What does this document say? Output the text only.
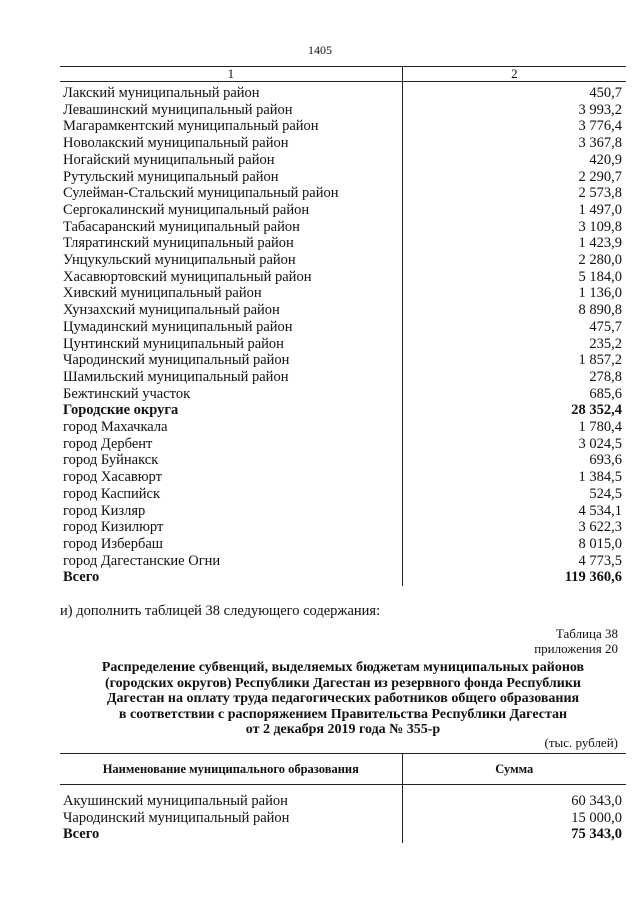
1405
1	2
Лакский муниципальный район	450,7
Левашинский муниципальный район	3 993,2
Магарамкентский муниципальный район	3 776,4
Новолакский муниципальный район	3 367,8
Ногайский муниципальный район	420,9
Рутульский муниципальный район	2 290,7
Сулейман-Стальский муниципальный район	2 573,8
Сергокалинский муниципальный район	1 497,0
Табасаранский муниципальный район	3 109,8
Тляратинский муниципальный район	1 423,9
Унцукульский муниципальный район	2 280,0
Хасавюртовский муниципальный район	5 184,0
Хивский муниципальный район	1 136,0
Хунзахский муниципальный район	8 890,8
Цумадинский муниципальный район	475,7
Цунтинский муниципальный район	235,2
Чародинский муниципальный район	1 857,2
Шамильский муниципальный район	278,8
Бежтинский участок	685,6
Городские округа	28 352,4
город Махачкала	1 780,4
город Дербент	3 024,5
город Буйнакск	693,6
город Хасавюрт	1 384,5
город Каспийск	524,5
город Кизляр	4 534,1
город Кизилюрт	3 622,3
город Избербаш	8 015,0
город Дагестанские Огни	4 773,5
Всего	119 360,6
и) дополнить таблицей 38 следующего содержания:
Таблица 38
приложения 20
Распределение субвенций, выделяемых бюджетам муниципальных районов
(городских округов) Республики Дагестан из резервного фонда Республики
Дагестан на оплату труда педагогических работников общего образования
в соответствии с распоряжением Правительства Республики Дагестан
от 2 декабря 2019 года № 355-р
(тыс. рублей)
Наименование муниципального образования	Сумма

Акушинский муниципальный район	60 343,0
Чародинский муниципальный район	15 000,0
Всего	75 343,0
